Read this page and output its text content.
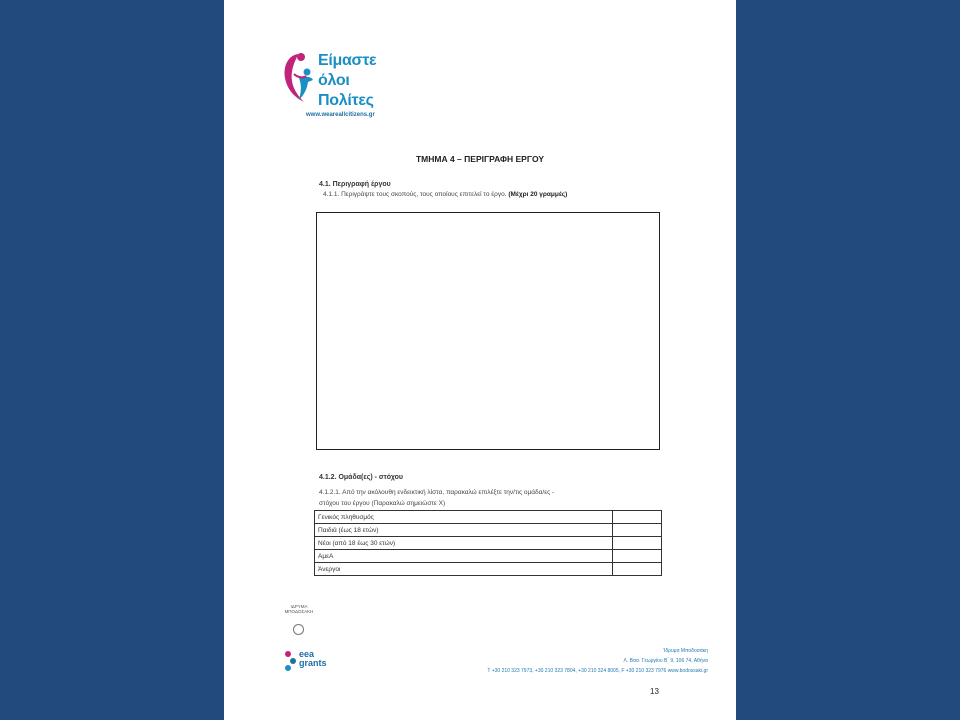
Είμαστε
όλοι
Πολίτες
www.weareallcitizens.gr
ΤΜΗΜΑ 4 – ΠΕΡΙΓΡΑΦΗ ΕΡΓΟΥ
4.1. Περιγραφή έργου
4.1.1. Περιγράψτε τους σκοπούς, τους οποίους επιτελεί το έργο. (Μέχρι 20 γραμμές)
4.1.2. Ομάδα(ες) - στόχου
4.1.2.1. Από την ακόλουθη ενδεικτική λίστα, παρακαλώ επιλέξτε την/τις ομάδα/ες -
στόχου του έργου (Παρακαλώ σημειώστε Χ)
Γενικός πληθυσμός	
Παιδιά (έως 18 ετών)	
Νέοι (από 18 έως 30 ετών)	
ΑμεΑ	
Άνεργοι	
ΙΔΡΥΜΑ
ΜΠΟΔΟΣΑΚΗ
eea
grants
Ίδρυμα Μποδοσάκη
Λ. Βασ. Γεωργίου Β΄ 9, 106 74, Αθήνα
Τ +30 210 323 7973, +30 210 323 7804, +30 210 324 8005, F +30 210 323 7976 www.bodossaki.gr
13
